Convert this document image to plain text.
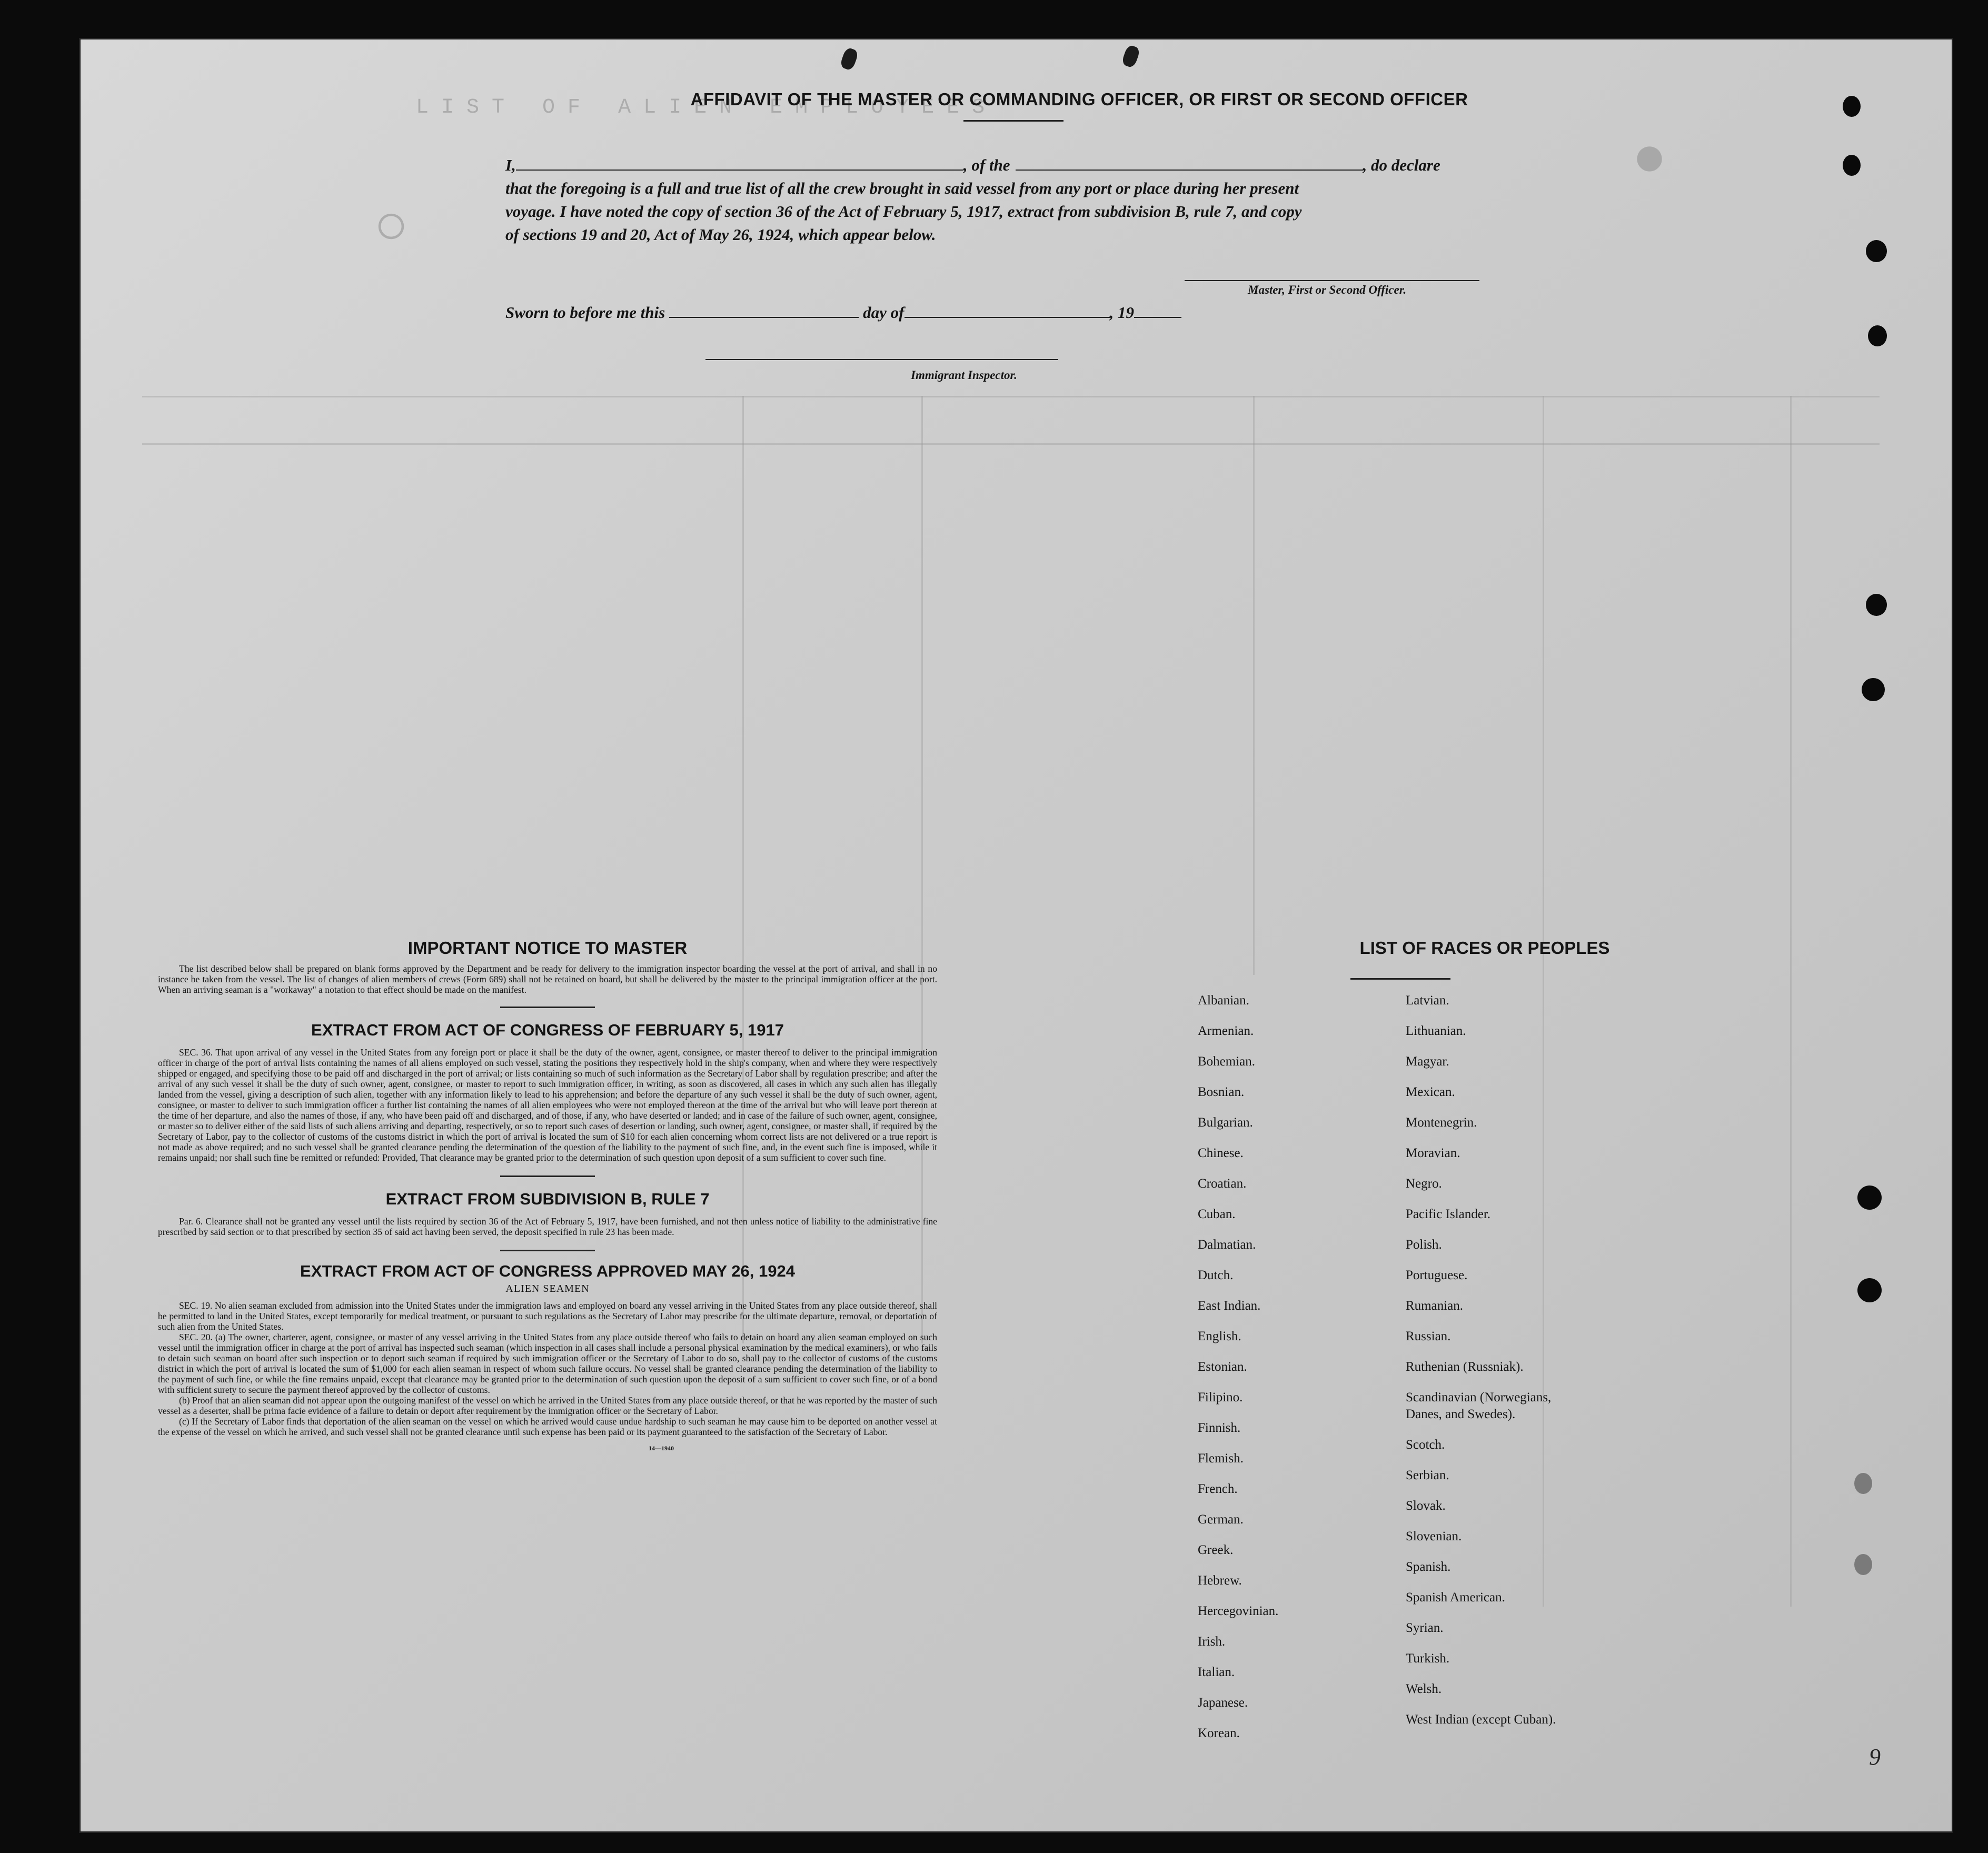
L I S T   O F   A L I E N   E M P L O Y E E S
●
○
AFFIDAVIT OF THE MASTER OR COMMANDING OFFICER, OR FIRST OR SECOND OFFICER
I,	, of the	, do declare
that the foregoing is a full and true list of all the crew brought in said vessel from any port or place during her present
voyage. I have noted the copy of section 36 of the Act of February 5, 1917, extract from subdivision B, rule 7, and copy
of sections 19 and 20, Act of May 26, 1924, which appear below.
Master, First or Second Officer.
Sworn to before me this	day of	, 19
Immigrant Inspector.
IMPORTANT NOTICE TO MASTER
The list described below shall be prepared on blank forms approved by the Department and be ready for delivery to the immigration inspector boarding the vessel at the port of arrival, and shall in no instance be taken from the vessel. The list of changes of alien members of crews (Form 689) shall not be retained on board, but shall be delivered by the master to the principal immigration officer at the port. When an arriving seaman is a "workaway" a notation to that effect should be made on the manifest.
EXTRACT FROM ACT OF CONGRESS OF FEBRUARY 5, 1917
SEC. 36. That upon arrival of any vessel in the United States from any foreign port or place it shall be the duty of the owner, agent, consignee, or master thereof to deliver to the principal immigration officer in charge of the port of arrival lists containing the names of all aliens employed on such vessel, stating the positions they respectively hold in the ship's company, when and where they were respectively shipped or engaged, and specifying those to be paid off and discharged in the port of arrival; or lists containing so much of such information as the Secretary of Labor shall by regulation prescribe; and after the arrival of any such vessel it shall be the duty of such owner, agent, consignee, or master to report to such immigration officer, in writing, as soon as discovered, all cases in which any such alien has illegally landed from the vessel, giving a description of such alien, together with any information likely to lead to his apprehension; and before the departure of any such vessel it shall be the duty of such owner, agent, consignee, or master to deliver to such immigration officer a further list containing the names of all alien employees who were not employed thereon at the time of the arrival but who will leave port thereon at the time of her departure, and also the names of those, if any, who have been paid off and discharged, and of those, if any, who have deserted or landed; and in case of the failure of such owner, agent, consignee, or master so to deliver either of the said lists of such aliens arriving and departing, respectively, or so to report such cases of desertion or landing, such owner, agent, consignee, or master shall, if required by the Secretary of Labor, pay to the collector of customs of the customs district in which the port of arrival is located the sum of $10 for each alien concerning whom correct lists are not delivered or a true report is not made as above required; and no such vessel shall be granted clearance pending the determination of the question of the liability to the payment of such fine, and, in the event such fine is imposed, while it remains unpaid; nor shall such fine be remitted or refunded: Provided, That clearance may be granted prior to the determination of such question upon deposit of a sum sufficient to cover such fine.
EXTRACT FROM SUBDIVISION B, RULE 7
Par. 6. Clearance shall not be granted any vessel until the lists required by section 36 of the Act of February 5, 1917, have been furnished, and not then unless notice of liability to the administrative fine prescribed by said section or to that prescribed by section 35 of said act having been served, the deposit specified in rule 23 has been made.
EXTRACT FROM ACT OF CONGRESS APPROVED MAY 26, 1924
ALIEN SEAMEN
SEC. 19. No alien seaman excluded from admission into the United States under the immigration laws and employed on board any vessel arriving in the United States from any place outside thereof, shall be permitted to land in the United States, except temporarily for medical treatment, or pursuant to such regulations as the Secretary of Labor may prescribe for the ultimate departure, removal, or deportation of such alien from the United States.
SEC. 20. (a) The owner, charterer, agent, consignee, or master of any vessel arriving in the United States from any place outside thereof who fails to detain on board any alien seaman employed on such vessel until the immigration officer in charge at the port of arrival has inspected such seaman (which inspection in all cases shall include a personal physical examination by the medical examiners), or who fails to detain such seaman on board after such inspection or to deport such seaman if required by such immigration officer or the Secretary of Labor to do so, shall pay to the collector of customs of the customs district in which the port of arrival is located the sum of $1,000 for each alien seaman in respect of whom such failure occurs. No vessel shall be granted clearance pending the determination of the liability to the payment of such fine, or while the fine remains unpaid, except that clearance may be granted prior to the determination of such question upon the deposit of a sum sufficient to cover such fine, or of a bond with sufficient surety to secure the payment thereof approved by the collector of customs.
(b) Proof that an alien seaman did not appear upon the outgoing manifest of the vessel on which he arrived in the United States from any place outside thereof, or that he was reported by the master of such vessel as a deserter, shall be prima facie evidence of a failure to detain or deport after requirement by the immigration officer or the Secretary of Labor.
(c) If the Secretary of Labor finds that deportation of the alien seaman on the vessel on which he arrived would cause undue hardship to such seaman he may cause him to be deported on another vessel at the expense of the vessel on which he arrived, and such vessel shall not be granted clearance until such expense has been paid or its payment guaranteed to the satisfaction of the Secretary of Labor.
14—1940
LIST OF RACES OR PEOPLES
Albanian.
Armenian.
Bohemian.
Bosnian.
Bulgarian.
Chinese.
Croatian.
Cuban.
Dalmatian.
Dutch.
East Indian.
English.
Estonian.
Filipino.
Finnish.
Flemish.
French.
German.
Greek.
Hebrew.
Hercegovinian.
Irish.
Italian.
Japanese.
Korean.
Latvian.
Lithuanian.
Magyar.
Mexican.
Montenegrin.
Moravian.
Negro.
Pacific Islander.
Polish.
Portuguese.
Rumanian.
Russian.
Ruthenian (Russniak).
Scandinavian (Norwegians,
Danes, and Swedes).
Scotch.
Serbian.
Slovak.
Slovenian.
Spanish.
Spanish American.
Syrian.
Turkish.
Welsh.
West Indian (except Cuban).
9
